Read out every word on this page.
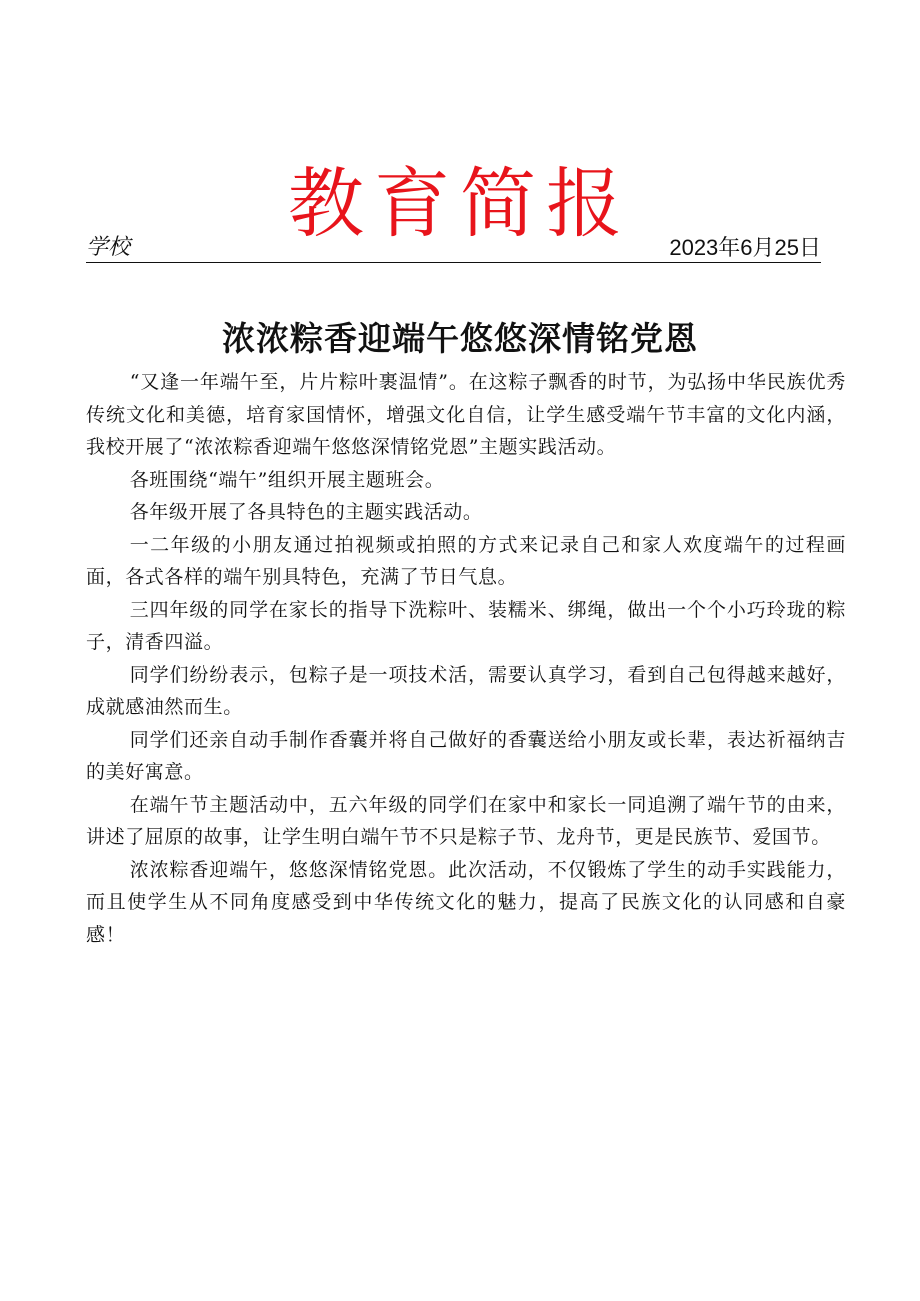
教育简报
学校	2023年6月25日
浓浓粽香迎端午悠悠深情铭党恩

“又逢一年端午至，片片粽叶裹温情”。在这粽子飘香的时节，为弘扬中华民族优秀传统文化和美德，培育家国情怀，增强文化自信，让学生感受端午节丰富的文化内涵，我校开展了“浓浓粽香迎端午悠悠深情铭党恩”主题实践活动。

各班围绕“端午”组织开展主题班会。

各年级开展了各具特色的主题实践活动。

一二年级的小朋友通过拍视频或拍照的方式来记录自己和家人欢度端午的过程画面，各式各样的端午别具特色，充满了节日气息。

三四年级的同学在家长的指导下洗粽叶、装糯米、绑绳，做出一个个小巧玲珑的粽子，清香四溢。

同学们纷纷表示，包粽子是一项技术活，需要认真学习，看到自己包得越来越好，成就感油然而生。

同学们还亲自动手制作香囊并将自己做好的香囊送给小朋友或长辈，表达祈福纳吉的美好寓意。

在端午节主题活动中，五六年级的同学们在家中和家长一同追溯了端午节的由来，讲述了屈原的故事，让学生明白端午节不只是粽子节、龙舟节，更是民族节、爱国节。

浓浓粽香迎端午，悠悠深情铭党恩。此次活动，不仅锻炼了学生的动手实践能力，而且使学生从不同角度感受到中华传统文化的魅力，提高了民族文化的认同感和自豪感！
